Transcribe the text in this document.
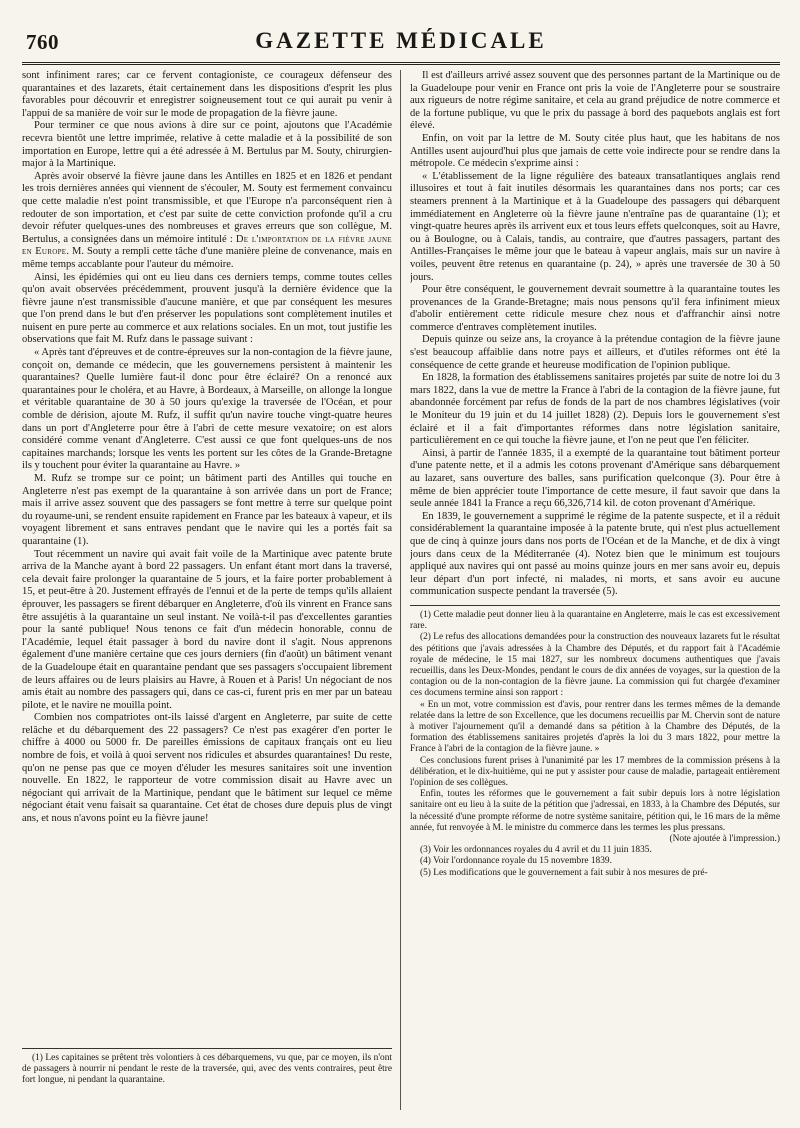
760	GAZETTE MÉDICALE

sont infiniment rares; car ce fervent contagioniste, ce courageux défenseur des quarantaines et des lazarets, était certainement dans les dispositions d'esprit les plus favorables pour découvrir et enregistrer soigneusement tout ce qui aurait pu venir à l'appui de sa manière de voir sur le mode de propagation de la fièvre jaune.

Pour terminer ce que nous avions à dire sur ce point, ajoutons que l'Académie recevra bientôt une lettre imprimée, relative à cette maladie et à la possibilité de son importation en Europe, lettre qui a été adressée à M. Bertulus par M. Souty, chirurgien-major à la Martinique.

Après avoir observé la fièvre jaune dans les Antilles en 1825 et en 1826 et pendant les trois dernières années qui viennent de s'écouler, M. Souty est fermement convaincu que cette maladie n'est point transmissible, et que l'Europe n'a parconséquent rien à redouter de son importation, et c'est par suite de cette conviction profonde qu'il a cru devoir réfuter quelques-unes des nombreuses et graves erreurs que son collègue, M. Bertulus, a consignées dans un mémoire intitulé : De l'importation de la fièvre jaune en Europe. M. Souty a rempli cette tâche d'une manière pleine de convenance, mais en même temps accablante pour l'auteur du mémoire.

Ainsi, les épidémies qui ont eu lieu dans ces derniers temps, comme toutes celles qu'on avait observées précédemment, prouvent jusqu'à la dernière évidence que la fièvre jaune n'est transmissible d'aucune manière, et que par conséquent les mesures que l'on prend dans le but d'en préserver les populations sont complètement inutiles et nuisent en pure perte au commerce et aux relations sociales. En un mot, tout justifie les observations que fait M. Rufz dans le passage suivant :

« Après tant d'épreuves et de contre-épreuves sur la non-contagion de la fièvre jaune, conçoit on, demande ce médecin, que les gouvernemens persistent à maintenir les quarantaines? Quelle lumière faut-il donc pour être éclairé? On a renoncé aux quarantaines pour le choléra, et au Havre, à Bordeaux, à Marseille, on allonge la longue et véritable quarantaine de 30 à 50 jours qu'exige la traversée de l'Océan, et pour comble de dérision, ajoute M. Rufz, il suffit qu'un navire touche vingt-quatre heures dans un port d'Angleterre pour être à l'abri de cette mesure vexatoire; on est alors considéré comme venant d'Angleterre. C'est aussi ce que font quelques-uns de nos capitaines marchands; lorsque les vents les portent sur les côtes de la Grande-Bretagne ils y touchent pour éviter la quarantaine au Havre. »

M. Rufz se trompe sur ce point; un bâtiment parti des Antilles qui touche en Angleterre n'est pas exempt de la quarantaine à son arrivée dans un port de France; mais il arrive assez souvent que des passagers se font mettre à terre sur quelque point du royaume-uni, se rendent ensuite rapidement en France par les bateaux à vapeur, et ils voyagent librement et sans entraves pendant que le navire qui les a portés fait sa quarantaine (1).

Tout récemment un navire qui avait fait voile de la Martinique avec patente brute arriva de la Manche ayant à bord 22 passagers. Un enfant étant mort dans la traversé, cela devait faire prolonger la quarantaine de 5 jours, et la faire porter probablement à 15, et peut-être à 20. Justement effrayés de l'ennui et de la perte de temps qu'ils allaient éprouver, les passagers se firent débarquer en Angleterre, d'où ils vinrent en France sans être assujétis à la quarantaine un seul instant. Ne voilà-t-il pas d'excellentes garanties pour la santé publique! Nous tenons ce fait d'un médecin honorable, connu de l'Académie, lequel était passager à bord du navire dont il s'agit. Nous apprenons également d'une manière certaine que ces jours derniers (fin d'août) un bâtiment venant de la Guadeloupe était en quarantaine pendant que ses passagers s'occupaient librement de leurs affaires ou de leurs plaisirs au Havre, à Rouen et à Paris! Un négociant de nos amis était au nombre des passagers qui, dans ce cas-ci, furent pris en mer par un bateau pilote, et le navire ne mouilla point.

Combien nos compatriotes ont-ils laissé d'argent en Angleterre, par suite de cette relâche et du débarquement des 22 passagers? Ce n'est pas exagérer d'en porter le chiffre à 4000 ou 5000 fr. De pareilles émissions de capitaux français ont eu lieu nombre de fois, et voilà à quoi servent nos ridicules et absurdes quarantaines! Du reste, qu'on ne pense pas que ce moyen d'éluder les mesures sanitaires soit une invention nouvelle. En 1822, le rapporteur de votre commission disait au Havre avec un négociant qui arrivait de la Martinique, pendant que le bâtiment sur lequel ce même négociant était venu faisait sa quarantaine. Cet état de choses dure depuis plus de vingt ans, et nous n'avons point eu la fièvre jaune!

(1) Les capitaines se prêtent très volontiers à ces débarquemens, vu que, par ce moyen, ils n'ont de passagers à nourrir ni pendant le reste de la traversée, qui, avec des vents contraires, peut être fort longue, ni pendant la quarantaine.

Il est d'ailleurs arrivé assez souvent que des personnes partant de la Martinique ou de la Guadeloupe pour venir en France ont pris la voie de l'Angleterre pour se soustraire aux rigueurs de notre régime sanitaire, et cela au grand préjudice de notre commerce et de la fortune publique, vu que le prix du passage à bord des paquebots anglais est fort élevé.

Enfin, on voit par la lettre de M. Souty citée plus haut, que les habitans de nos Antilles usent aujourd'hui plus que jamais de cette voie indirecte pour se rendre dans la métropole. Ce médecin s'exprime ainsi :

« L'établissement de la ligne régulière des bateaux transatlantiques anglais rend illusoires et tout à fait inutiles désormais les quarantaines dans nos ports; car ces steamers prennent à la Martinique et à la Guadeloupe des passagers qui débarquent immédiatement en Angleterre où la fièvre jaune n'entraîne pas de quarantaine (1); et vingt-quatre heures après ils arrivent eux et tous leurs effets quelconques, soit au Havre, ou à Boulogne, ou à Calais, tandis, au contraire, que d'autres passagers, partant des Antilles-Françaises le même jour que le bateau à vapeur anglais, mais sur un navire à voiles, peuvent être retenus en quarantaine (p. 24), » après une traversée de 30 à 50 jours.

Pour être conséquent, le gouvernement devrait soumettre à la quarantaine toutes les provenances de la Grande-Bretagne; mais nous pensons qu'il fera infiniment mieux d'abolir entièrement cette ridicule mesure chez nous et d'affranchir ainsi notre commerce d'entraves complètement inutiles.

Depuis quinze ou seize ans, la croyance à la prétendue contagion de la fièvre jaune s'est beaucoup affaiblie dans notre pays et ailleurs, et d'utiles réformes ont été la conséquence de cette grande et heureuse modification de l'opinion publique.

En 1828, la formation des établissemens sanitaires projetés par suite de notre loi du 3 mars 1822, dans la vue de mettre la France à l'abri de la contagion de la fièvre jaune, fut abandonnée forcément par refus de fonds de la part de nos chambres législatives (voir le Moniteur du 19 juin et du 14 juillet 1828) (2). Depuis lors le gouvernement s'est éclairé et il a fait d'importantes réformes dans notre législation sanitaire, particulièrement en ce qui touche la fièvre jaune, et l'on ne peut que l'en féliciter.

Ainsi, à partir de l'année 1835, il a exempté de la quarantaine tout bâtiment porteur d'une patente nette, et il a admis les cotons provenant d'Amérique sans débarquement au lazaret, sans ouverture des balles, sans purification quelconque (3). Pour être à même de bien apprécier toute l'importance de cette mesure, il faut savoir que dans la seule année 1841 la France a reçu 66,326,714 kil. de coton provenant d'Amérique.

En 1839, le gouvernement a supprimé le régime de la patente suspecte, et il a réduit considérablement la quarantaine imposée à la patente brute, qui n'est plus actuellement que de cinq à quinze jours dans nos ports de l'Océan et de la Manche, et de dix à vingt jours dans ceux de la Méditerranée (4). Notez bien que le minimum est toujours appliqué aux navires qui ont passé au moins quinze jours en mer sans avoir eu, depuis leur départ d'un port infecté, ni malades, ni morts, et sans avoir eu aucune communication suspecte pendant la traversée (5).

(1) Cette maladie peut donner lieu à la quarantaine en Angleterre, mais le cas est excessivement rare.

(2) Le refus des allocations demandées pour la construction des nouveaux lazarets fut le résultat des pétitions que j'avais adressées à la Chambre des Députés, et du rapport fait à l'Académie royale de médecine, le 15 mai 1827, sur les nombreux documens authentiques que j'avais recueillis, dans les Deux-Mondes, pendant le cours de dix années de voyages, sur la question de la contagion ou de la non-contagion de la fièvre jaune. La commission qui fut chargée d'examiner ces documens termine ainsi son rapport :

« En un mot, votre commission est d'avis, pour rentrer dans les termes mêmes de la demande relatée dans la lettre de son Excellence, que les documens recueillis par M. Chervin sont de nature à motiver l'ajournement qu'il a demandé dans sa pétition à la Chambre des Députés, de la formation des établissemens sanitaires projetés d'après la loi du 3 mars 1822, pour mettre la France à l'abri de la contagion de la fièvre jaune. »

Ces conclusions furent prises à l'unanimité par les 17 membres de la commission présens à la délibération, et le dix-huitième, qui ne put y assister pour cause de maladie, partageait entièrement l'opinion de ses collègues.

Enfin, toutes les réformes que le gouvernement a fait subir depuis lors à notre législation sanitaire ont eu lieu à la suite de la pétition que j'adressai, en 1833, à la Chambre des Députés, sur la nécessité d'une prompte réforme de notre système sanitaire, pétition qui, le 16 mars de la même année, fut renvoyée à M. le ministre du commerce dans les termes les plus pressans.

(Note ajoutée à l'impression.)

(3) Voir les ordonnances royales du 4 avril et du 11 juin 1835.

(4) Voir l'ordonnance royale du 15 novembre 1839.

(5) Les modifications que le gouvernement a fait subir à nos mesures de pré-
